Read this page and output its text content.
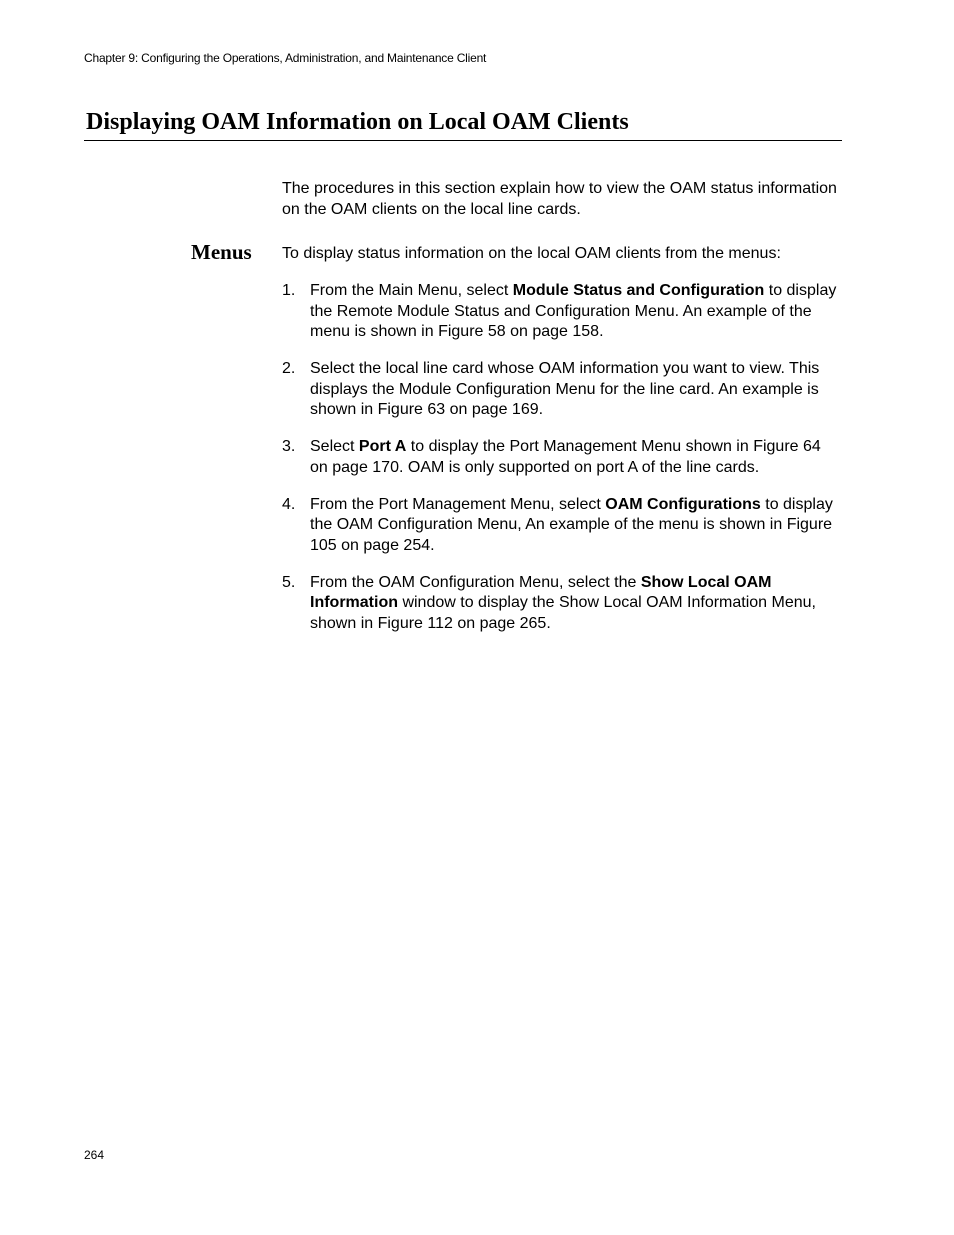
Chapter 9: Configuring the Operations, Administration, and Maintenance Client
Displaying OAM Information on Local OAM Clients

The procedures in this section explain how to view the OAM status information on the OAM clients on the local line cards.

Menus To display status information on the local OAM clients from the menus:

1. From the Main Menu, select Module Status and Configuration to display the Remote Module Status and Configuration Menu. An example of the menu is shown in Figure 58 on page 158.
2. Select the local line card whose OAM information you want to view. This displays the Module Configuration Menu for the line card. An example is shown in Figure 63 on page 169.
3. Select Port A to display the Port Management Menu shown in Figure 64 on page 170. OAM is only supported on port A of the line cards.
4. From the Port Management Menu, select OAM Configurations to display the OAM Configuration Menu, An example of the menu is shown in Figure 105 on page 254.
5. From the OAM Configuration Menu, select the Show Local OAM Information window to display the Show Local OAM Information Menu, shown in Figure 112 on page 265.
264
